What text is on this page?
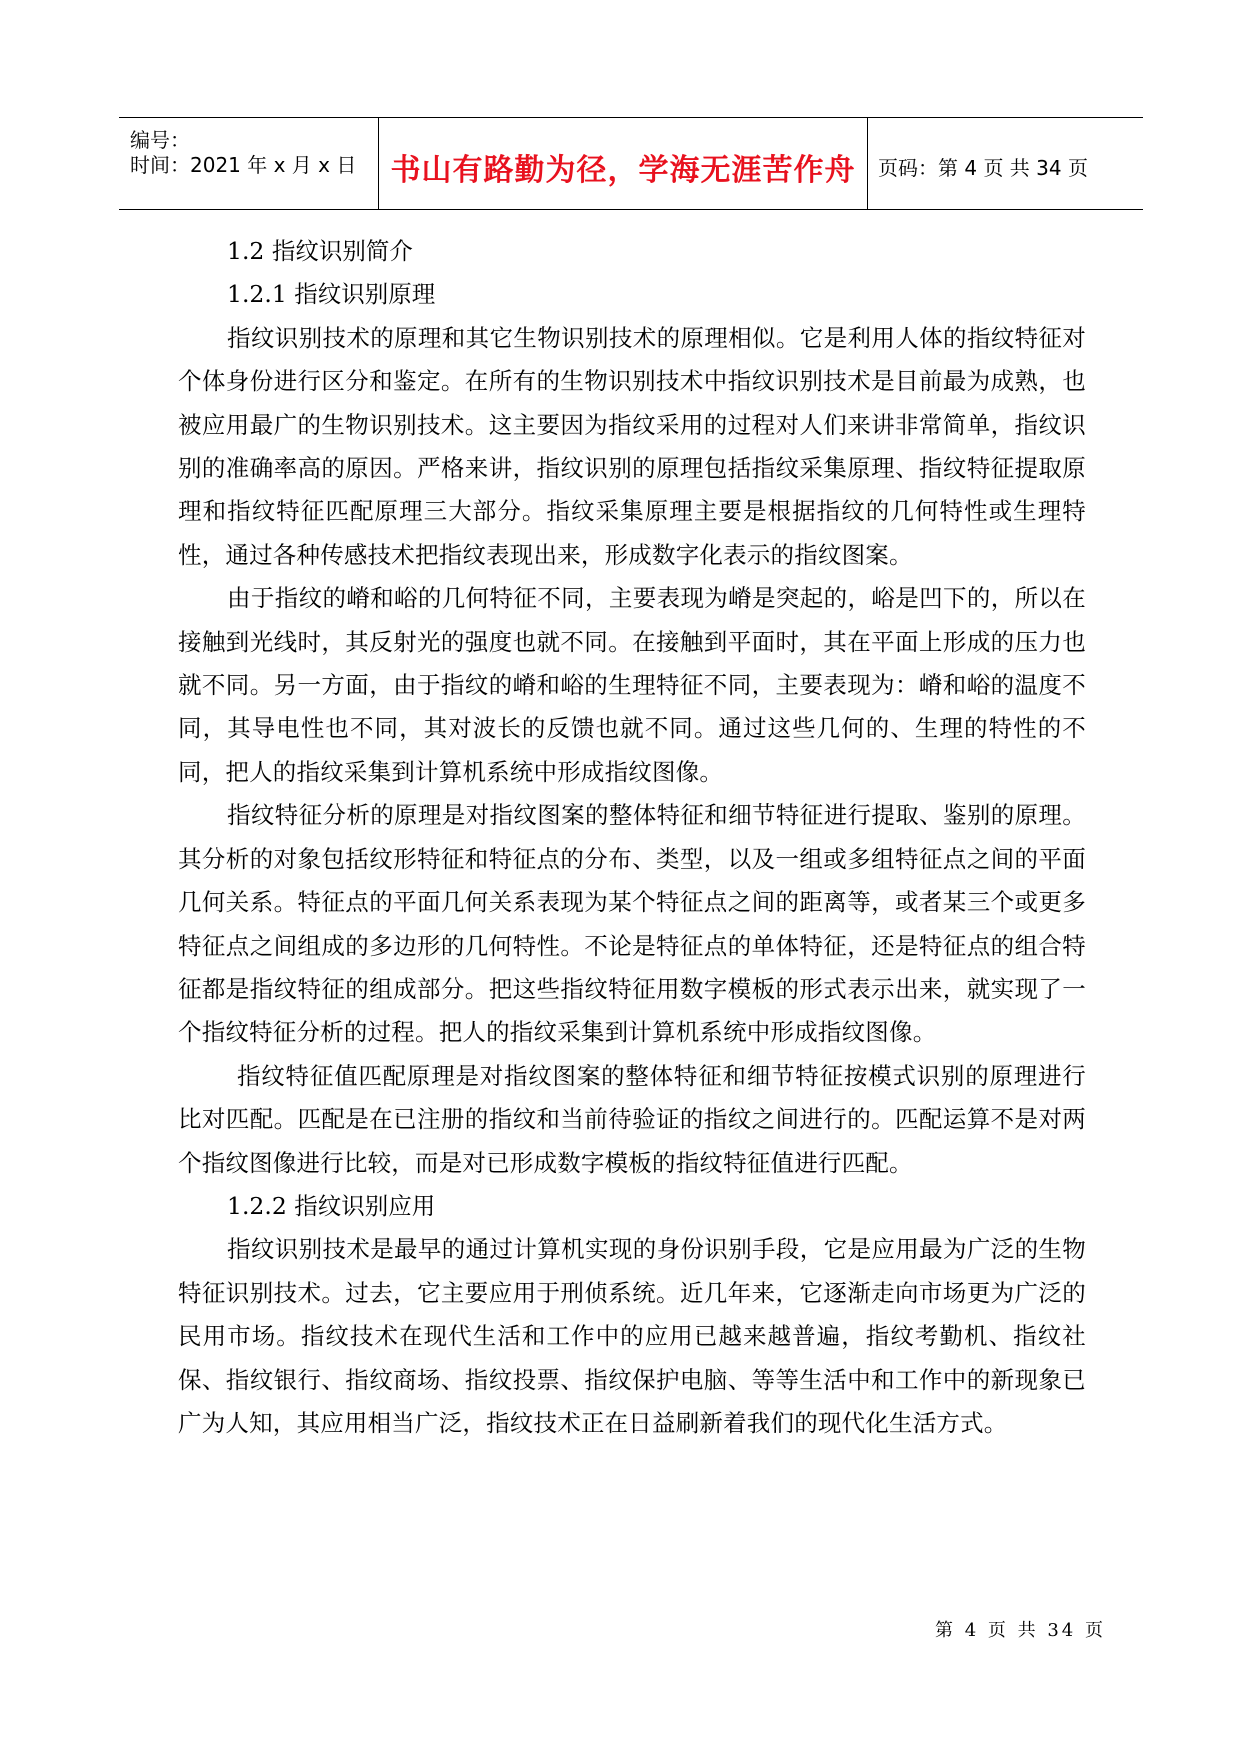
编号：
时间：2021 年 x 月 x 日	书山有路勤为径，学海无涯苦作舟	页码：第 4 页 共 34 页

1.2 指纹识别简介

1.2.1 指纹识别原理

指纹识别技术的原理和其它生物识别技术的原理相似。它是利用人体的指纹特征对个体身份进行区分和鉴定。在所有的生物识别技术中指纹识别技术是目前最为成熟，也被应用最广的生物识别技术。这主要因为指纹采用的过程对人们来讲非常简单，指纹识别的准确率高的原因。严格来讲，指纹识别的原理包括指纹采集原理、指纹特征提取原理和指纹特征匹配原理三大部分。指纹采集原理主要是根据指纹的几何特性或生理特性，通过各种传感技术把指纹表现出来，形成数字化表示的指纹图案。

由于指纹的嵴和峪的几何特征不同，主要表现为嵴是突起的，峪是凹下的，所以在接触到光线时，其反射光的强度也就不同。在接触到平面时，其在平面上形成的压力也就不同。另一方面，由于指纹的嵴和峪的生理特征不同，主要表现为：嵴和峪的温度不同，其导电性也不同，其对波长的反馈也就不同。通过这些几何的、生理的特性的不同，把人的指纹采集到计算机系统中形成指纹图像。

指纹特征分析的原理是对指纹图案的整体特征和细节特征进行提取、鉴别的原理。其分析的对象包括纹形特征和特征点的分布、类型，以及一组或多组特征点之间的平面几何关系。特征点的平面几何关系表现为某个特征点之间的距离等，或者某三个或更多特征点之间组成的多边形的几何特性。不论是特征点的单体特征，还是特征点的组合特征都是指纹特征的组成部分。把这些指纹特征用数字模板的形式表示出来，就实现了一个指纹特征分析的过程。把人的指纹采集到计算机系统中形成指纹图像。

指纹特征值匹配原理是对指纹图案的整体特征和细节特征按模式识别的原理进行比对匹配。匹配是在已注册的指纹和当前待验证的指纹之间进行的。匹配运算不是对两个指纹图像进行比较，而是对已形成数字模板的指纹特征值进行匹配。

1.2.2 指纹识别应用

指纹识别技术是最早的通过计算机实现的身份识别手段，它是应用最为广泛的生物特征识别技术。过去，它主要应用于刑侦系统。近几年来，它逐渐走向市场更为广泛的民用市场。指纹技术在现代生活和工作中的应用已越来越普遍，指纹考勤机、指纹社保、指纹银行、指纹商场、指纹投票、指纹保护电脑、等等生活中和工作中的新现象已广为人知，其应用相当广泛，指纹技术正在日益刷新着我们的现代化生活方式。

第 4 页 共 34 页
